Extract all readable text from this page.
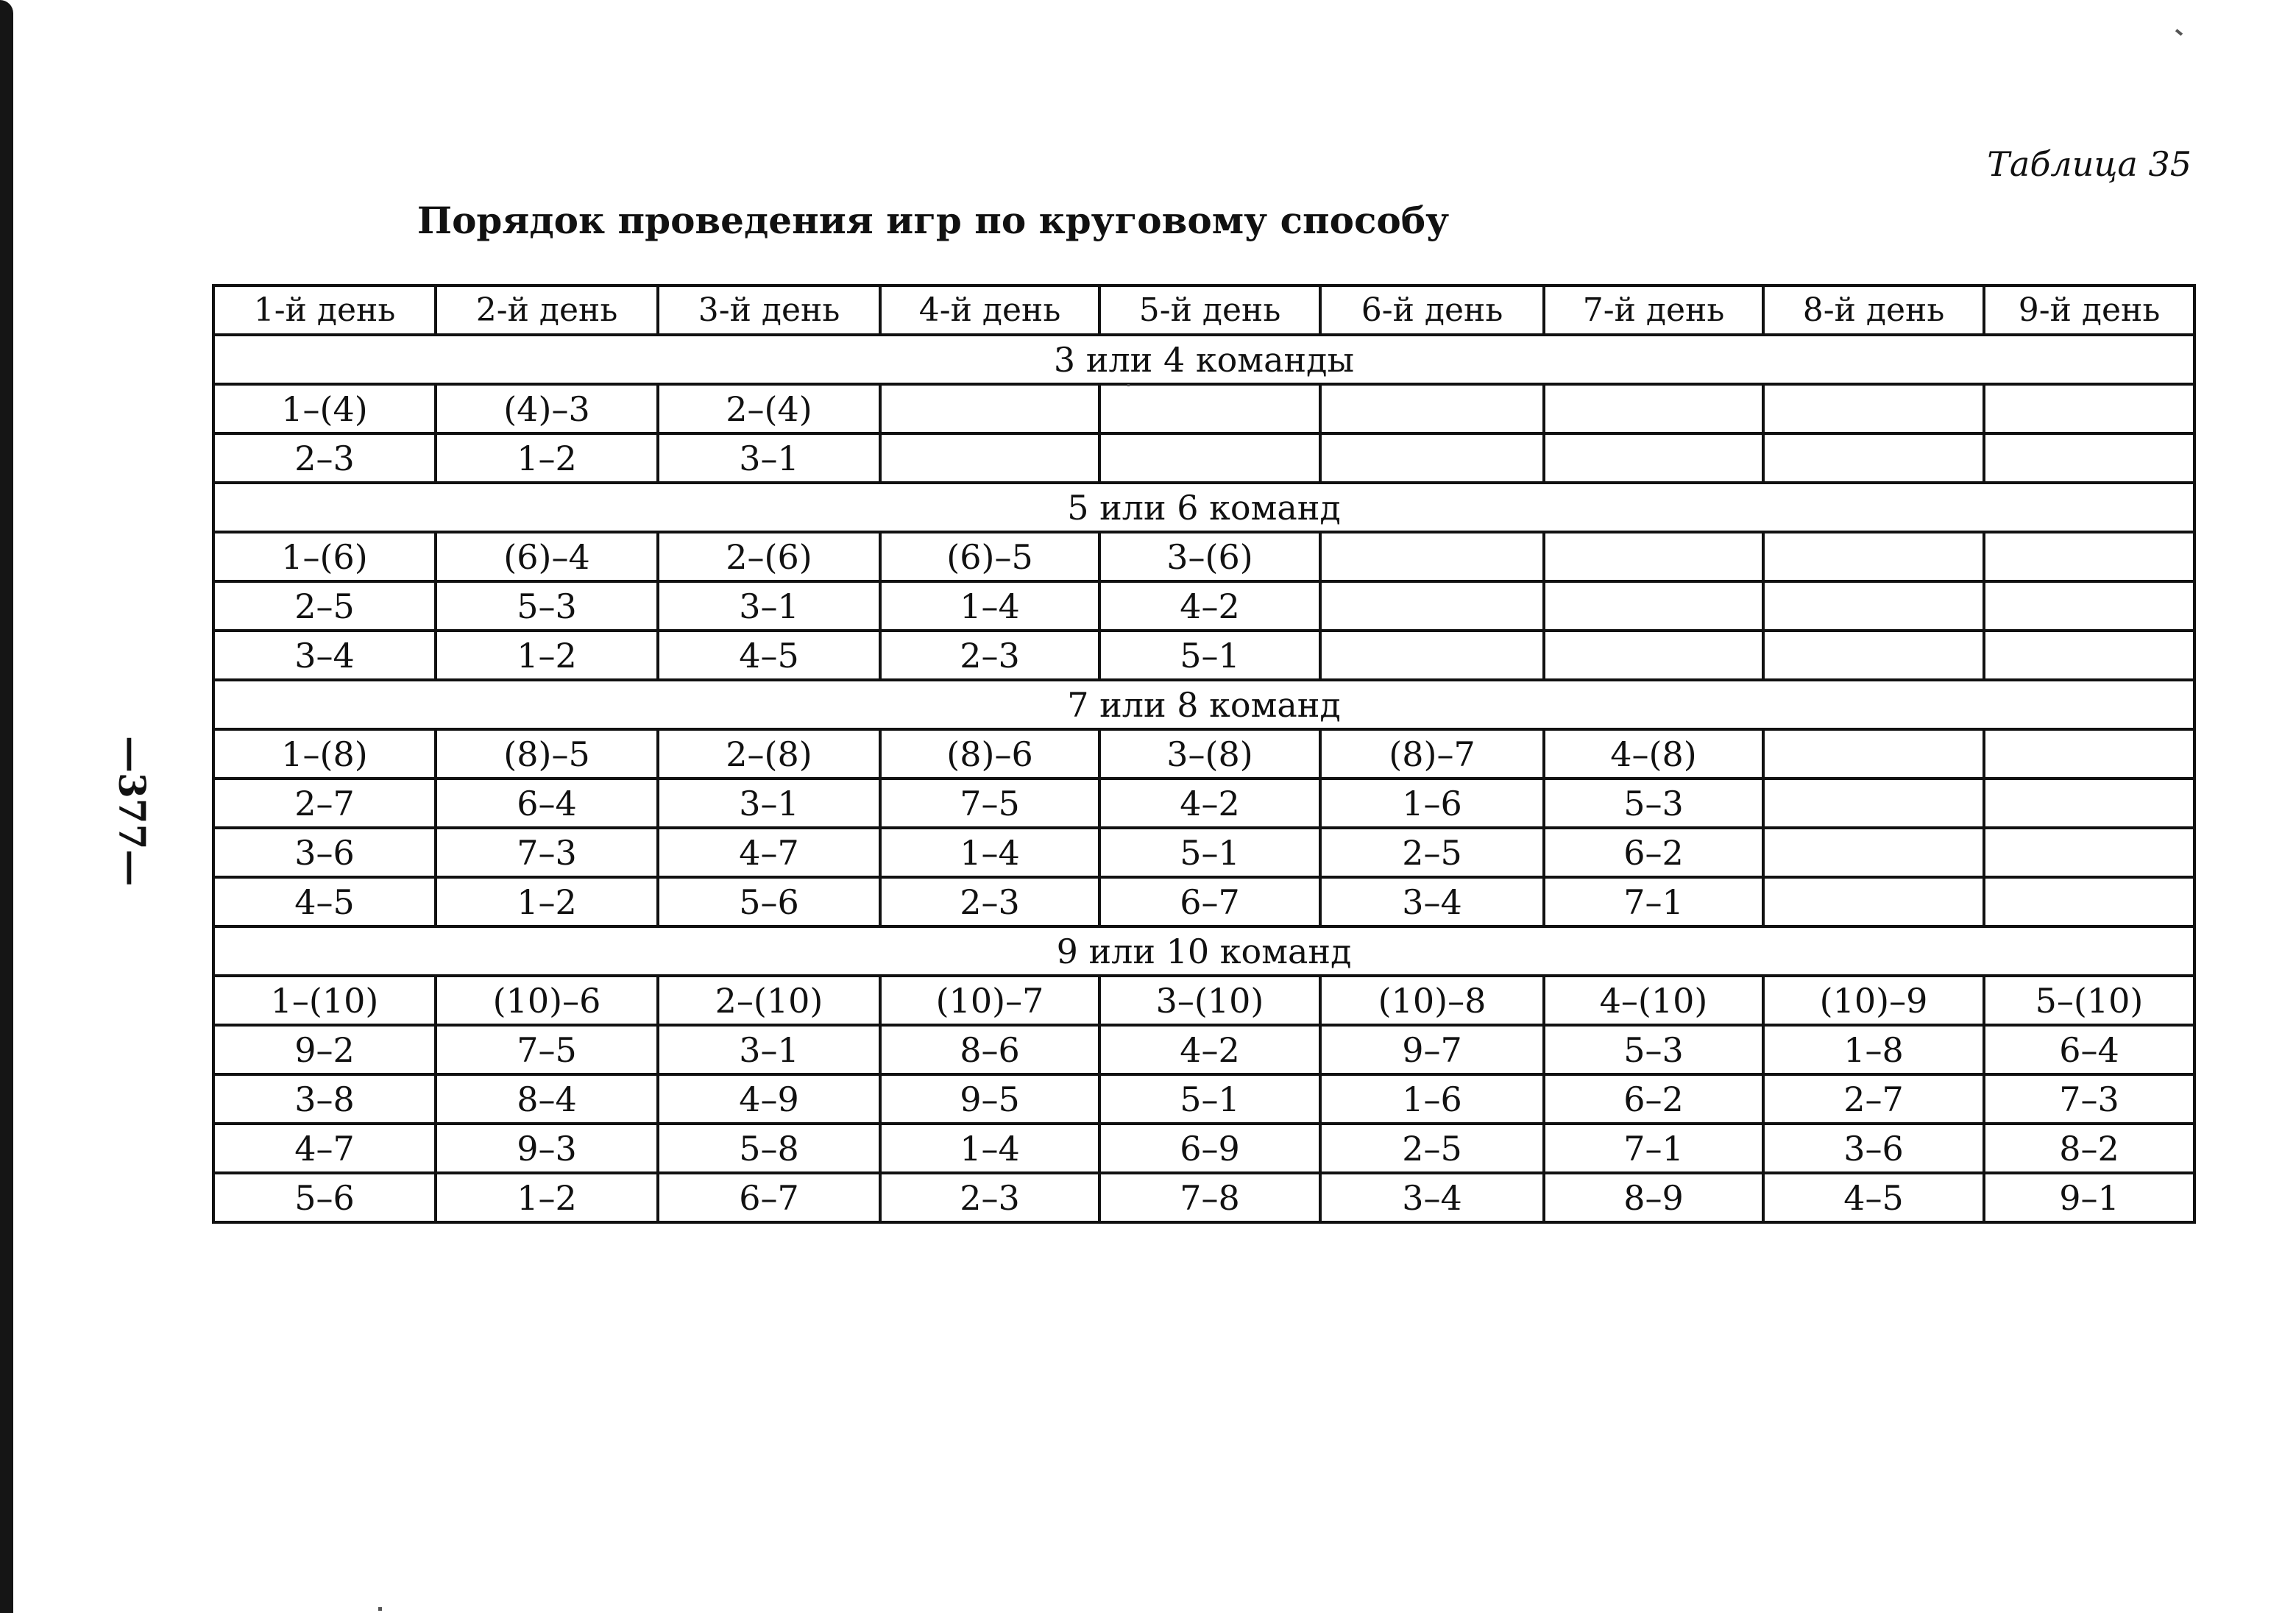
Таблица 35
Порядок проведения игр по круговому способу
—377—
1-й день	2-й день	3-й день	4-й день	5-й день	6-й день	7-й день	8-й день	9-й день
3 или 4 команды								
1–(4)	(4)–3	2–(4)						
2–3	1–2	3–1						
5 или 6 команд								
1–(6)	(6)–4	2–(6)	(6)–5	3–(6)				
2–5	5–3	3–1	1–4	4–2				
3–4	1–2	4–5	2–3	5–1				
7 или 8 команд								
1–(8)	(8)–5	2–(8)	(8)–6	3–(8)	(8)–7	4–(8)		
2–7	6–4	3–1	7–5	4–2	1–6	5–3		
3–6	7–3	4–7	1–4	5–1	2–5	6–2		
4–5	1–2	5–6	2–3	6–7	3–4	7–1		
9 или 10 команд								
1–(10)	(10)–6	2–(10)	(10)–7	3–(10)	(10)–8	4–(10)	(10)–9	5–(10)
9–2	7–5	3–1	8–6	4–2	9–7	5–3	1–8	6–4
3–8	8–4	4–9	9–5	5–1	1–6	6–2	2–7	7–3
4–7	9–3	5–8	1–4	6–9	2–5	7–1	3–6	8–2
5–6	1–2	6–7	2–3	7–8	3–4	8–9	4–5	9–1
